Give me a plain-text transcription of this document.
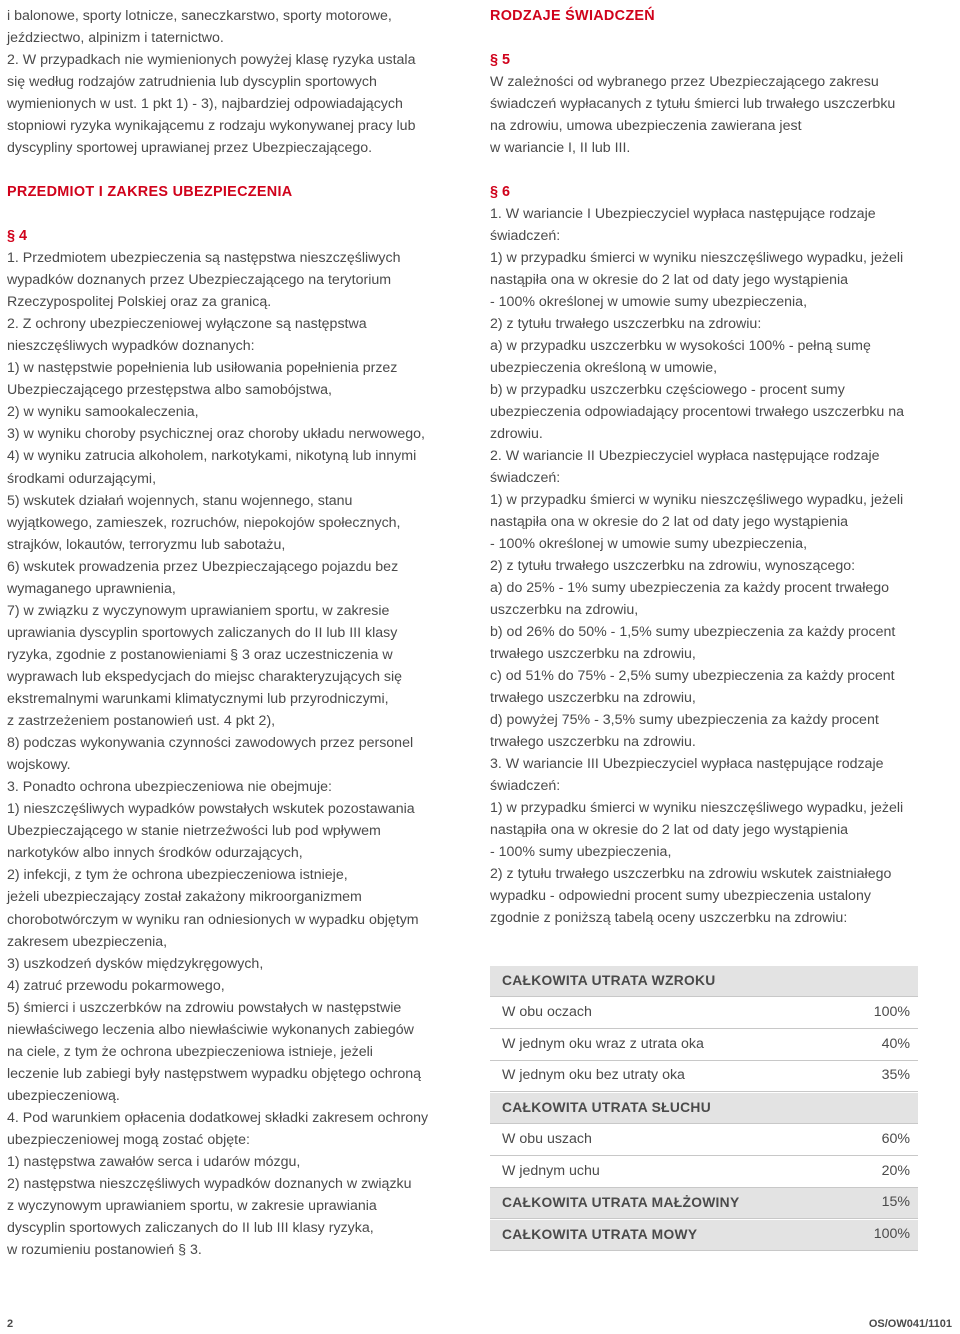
i balonowe, sporty lotnicze, saneczkarstwo, sporty motorowe,
jeździectwo, alpinizm i taternictwo.
2. W przypadkach nie wymienionych powyżej klasę ryzyka ustala
się według rodzajów zatrudnienia lub dyscyplin sportowych
wymienionych w ust. 1 pkt 1) - 3), najbardziej odpowiadających
stopniowi ryzyka wynikającemu z rodzaju wykonywanej pracy lub
dyscypliny sportowej uprawianej przez Ubezpieczającego.
PRZEDMIOT I ZAKRES UBEZPIECZENIA
§ 4
1. Przedmiotem ubezpieczenia są następstwa nieszczęśliwych
wypadków doznanych przez Ubezpieczającego na terytorium
Rzeczypospolitej Polskiej oraz za granicą.
2. Z ochrony ubezpieczeniowej wyłączone są następstwa
nieszczęśliwych wypadków doznanych:
1) w następstwie popełnienia lub usiłowania popełnienia przez
Ubezpieczającego przestępstwa albo samobójstwa,
2) w wyniku samookaleczenia,
3) w wyniku choroby psychicznej oraz choroby układu nerwowego,
4) w wyniku zatrucia alkoholem, narkotykami, nikotyną lub innymi
środkami odurzającymi,
5) wskutek działań wojennych, stanu wojennego, stanu
wyjątkowego, zamieszek, rozruchów, niepokojów społecznych,
strajków, lokautów, terroryzmu lub sabotażu,
6) wskutek prowadzenia przez Ubezpieczającego pojazdu bez
wymaganego uprawnienia,
7) w związku z wyczynowym uprawianiem sportu, w zakresie
uprawiania dyscyplin sportowych zaliczanych do II lub III klasy
ryzyka, zgodnie z postanowieniami § 3 oraz uczestniczenia w
wyprawach lub ekspedycjach do miejsc charakteryzujących się
ekstremalnymi warunkami klimatycznymi lub przyrodniczymi,
z zastrzeżeniem postanowień ust. 4 pkt 2),
8) podczas wykonywania czynności zawodowych przez personel
wojskowy.
3. Ponadto ochrona ubezpieczeniowa nie obejmuje:
1) nieszczęśliwych wypadków powstałych wskutek pozostawania
Ubezpieczającego w stanie nietrzeźwości lub pod wpływem
narkotyków albo innych środków odurzających,
2) infekcji, z tym że ochrona ubezpieczeniowa istnieje,
jeżeli ubezpieczający został zakażony mikroorganizmem
chorobotwórczym w wyniku ran odniesionych w wypadku objętym
zakresem ubezpieczenia,
3) uszkodzeń dysków międzykręgowych,
4) zatruć przewodu pokarmowego,
5) śmierci i uszczerbków na zdrowiu powstałych w następstwie
niewłaściwego leczenia albo niewłaściwie wykonanych zabiegów
na ciele, z tym że ochrona ubezpieczeniowa istnieje, jeżeli
leczenie lub zabiegi były następstwem wypadku objętego ochroną
ubezpieczeniową.
4. Pod warunkiem opłacenia dodatkowej składki zakresem ochrony
ubezpieczeniowej mogą zostać objęte:
1) następstwa zawałów serca i udarów mózgu,
2) następstwa nieszczęśliwych wypadków doznanych w związku
z wyczynowym uprawianiem sportu, w zakresie uprawiania
dyscyplin sportowych zaliczanych do II lub III klasy ryzyka,
w rozumieniu postanowień § 3.
RODZAJE ŚWIADCZEŃ
§ 5
W zależności od wybranego przez Ubezpieczającego zakresu
świadczeń wypłacanych z tytułu śmierci lub trwałego uszczerbku
na zdrowiu, umowa ubezpieczenia zawierana jest
w wariancie I, II lub III.
§ 6
1. W wariancie I Ubezpieczyciel wypłaca następujące rodzaje
świadczeń:
1) w przypadku śmierci w wyniku nieszczęśliwego wypadku, jeżeli
nastąpiła ona w okresie do 2 lat od daty jego wystąpienia
- 100% określonej w umowie sumy ubezpieczenia,
2) z tytułu trwałego uszczerbku na zdrowiu:
a) w przypadku uszczerbku w wysokości 100% - pełną sumę
ubezpieczenia określoną w umowie,
b) w przypadku uszczerbku częściowego - procent sumy
ubezpieczenia odpowiadający procentowi trwałego uszczerbku na
zdrowiu.
2. W wariancie II Ubezpieczyciel wypłaca następujące rodzaje
świadczeń:
1) w przypadku śmierci w wyniku nieszczęśliwego wypadku, jeżeli
nastąpiła ona w okresie do 2 lat od daty jego wystąpienia
- 100% określonej w umowie sumy ubezpieczenia,
2) z tytułu trwałego uszczerbku na zdrowiu, wynoszącego:
a) do 25% - 1% sumy ubezpieczenia za każdy procent trwałego
uszczerbku na zdrowiu,
b) od 26% do 50% - 1,5% sumy ubezpieczenia za każdy procent
trwałego uszczerbku na zdrowiu,
c) od 51% do 75% - 2,5% sumy ubezpieczenia za każdy procent
trwałego uszczerbku na zdrowiu,
d) powyżej 75% - 3,5% sumy ubezpieczenia za każdy procent
trwałego uszczerbku na zdrowiu.
3. W wariancie III Ubezpieczyciel wypłaca następujące rodzaje
świadczeń:
1) w przypadku śmierci w wyniku nieszczęśliwego wypadku, jeżeli
nastąpiła ona w okresie do 2 lat od daty jego wystąpienia
- 100% sumy ubezpieczenia,
2) z tytułu trwałego uszczerbku na zdrowiu wskutek zaistniałego
wypadku - odpowiedni procent sumy ubezpieczenia ustalony
zgodnie z poniższą tabelą oceny uszczerbku na zdrowiu:
CAŁKOWITA UTRATA WZROKU
W obu oczach	100%
W jednym oku wraz z utrata oka	40%
W jednym oku bez utraty oka	35%
CAŁKOWITA UTRATA SŁUCHU
W obu uszach	60%
W jednym uchu	20%
CAŁKOWITA UTRATA MAŁŻOWINY	15%
CAŁKOWITA UTRATA MOWY	100%
2	OS/OW041/1101
